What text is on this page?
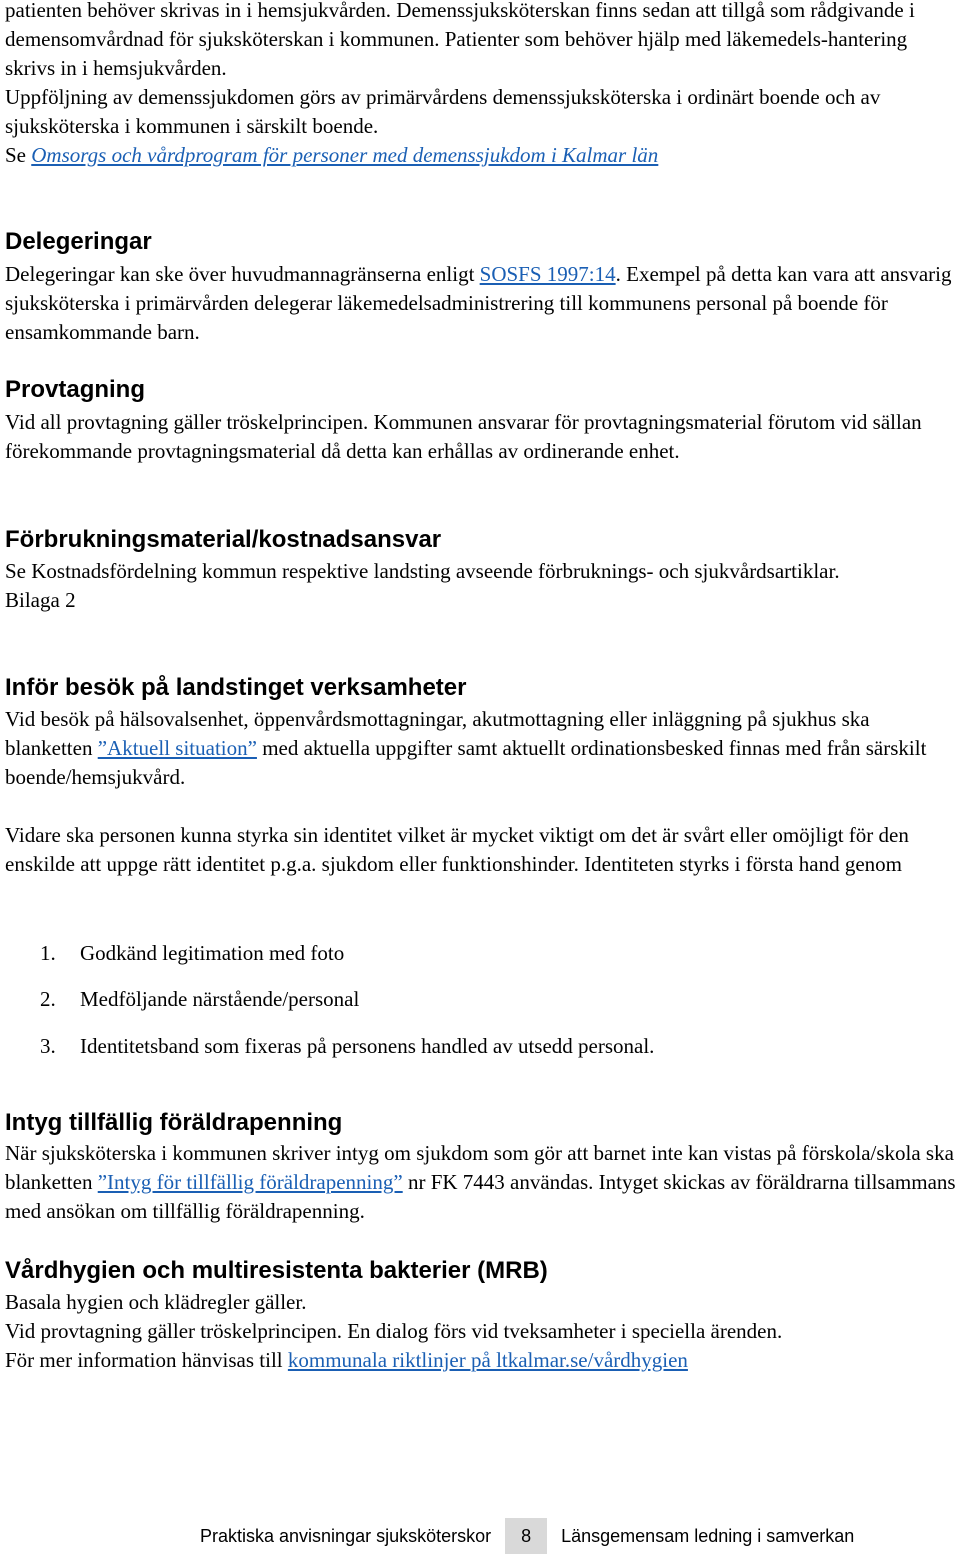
patienten behöver skrivas in i hemsjukvården. Demenssjuksköterskan finns sedan att tillgå som rådgivande i demensomvårdnad för sjuksköterskan i kommunen. Patienter som behöver hjälp med läkemedels-hantering skrivs in i hemsjukvården.

Uppföljning av demenssjukdomen görs av primärvårdens demenssjuksköterska i ordinärt boende och av sjuksköterska i kommunen i särskilt boende.

Se Omsorgs och vårdprogram för personer med demenssjukdom i Kalmar län

Delegeringar

Delegeringar kan ske över huvudmannagränserna enligt SOSFS 1997:14. Exempel på detta kan vara att ansvarig sjuksköterska i primärvården delegerar läkemedelsadministrering till kommunens personal på boende för ensamkommande barn.

Provtagning

Vid all provtagning gäller tröskelprincipen. Kommunen ansvarar för provtagningsmaterial förutom vid sällan förekommande provtagningsmaterial då detta kan erhållas av ordinerande enhet.

Förbrukningsmaterial/kostnadsansvar

Se Kostnadsfördelning kommun respektive landsting avseende förbruknings- och sjukvårdsartiklar.

Bilaga 2

Inför besök på landstinget verksamheter

Vid besök på hälsovalsenhet, öppenvårdsmottagningar, akutmottagning eller inläggning på sjukhus ska blanketten ”Aktuell situation” med aktuella uppgifter samt aktuellt ordinationsbesked finnas med från särskilt boende/hemsjukvård.

Vidare ska personen kunna styrka sin identitet vilket är mycket viktigt om det är svårt eller omöjligt för den enskilde att uppge rätt identitet p.g.a. sjukdom eller funktionshinder. Identiteten styrks i första hand genom

1. Godkänd legitimation med foto
2. Medföljande närstående/personal
3. Identitetsband som fixeras på personens handled av utsedd personal.
Intyg tillfällig föräldrapenning

När sjuksköterska i kommunen skriver intyg om sjukdom som gör att barnet inte kan vistas på förskola/skola ska blanketten ”Intyg för tillfällig föräldrapenning” nr FK 7443 användas. Intyget skickas av föräldrarna tillsammans med ansökan om tillfällig föräldrapenning.

Vårdhygien och multiresistenta bakterier (MRB)

Basala hygien och klädregler gäller.

Vid provtagning gäller tröskelprincipen. En dialog förs vid tveksamheter i speciella ärenden.

För mer information hänvisas till kommunala riktlinjer på ltkalmar.se/vårdhygien

Praktiska anvisningar sjuksköterskor	8	Länsgemensam ledning i samverkan
